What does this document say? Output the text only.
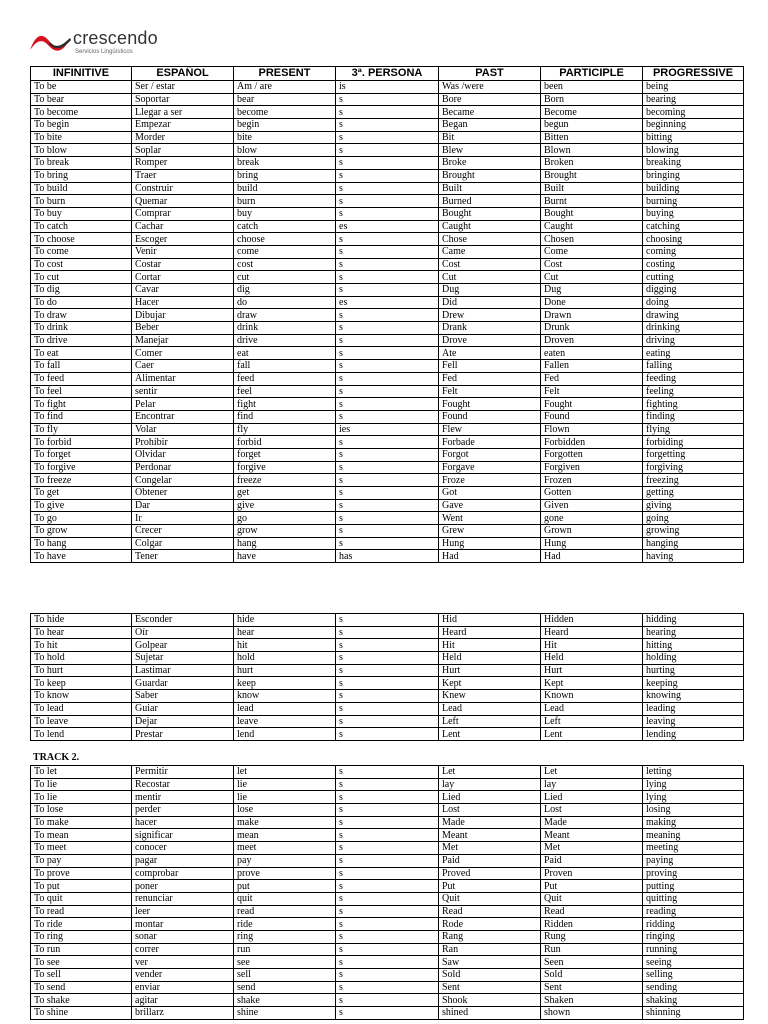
crescendo
Servicios Lingüísticos
INFINITIVE	ESPAÑOL	PRESENT	3ª. PERSONA	PAST	PARTICIPLE	PROGRESSIVE
To be	Ser / estar	Am / are	is	Was /were	been	being
To bear	Soportar	bear	s	Bore	Born	bearing
To become	Llegar a ser	become	s	Became	Become	becoming
To begin	Empezar	begin	s	Began	begun	beginning
To bite	Morder	bite	s	Bit	Bitten	bitting
To blow	Soplar	blow	s	Blew	Blown	blowing
To break	Romper	break	s	Broke	Broken	breaking
To bring	Traer	bring	s	Brought	Brought	bringing
To build	Construir	build	s	Built	Built	building
To burn	Quemar	burn	s	Burned	Burnt	burning
To buy	Comprar	buy	s	Bought	Bought	buying
To catch	Cachar	catch	es	Caught	Caught	catching
To choose	Escoger	choose	s	Chose	Chosen	choosing
To come	Venir	come	s	Came	Come	coming
To cost	Costar	cost	s	Cost	Cost	costing
To cut	Cortar	cut	s	Cut	Cut	cutting
To dig	Cavar	dig	s	Dug	Dug	digging
To do	Hacer	do	es	Did	Done	doing
To draw	Dibujar	draw	s	Drew	Drawn	drawing
To drink	Beber	drink	s	Drank	Drunk	drinking
To drive	Manejar	drive	s	Drove	Droven	driving
To eat	Comer	eat	s	Ate	eaten	eating
To fall	Caer	fall	s	Fell	Fallen	falling
To feed	Alimentar	feed	s	Fed	Fed	feeding
To feel	sentir	feel	s	Felt	Felt	feeling
To fight	Pelar	fight	s	Fought	Fought	fighting
To find	Encontrar	find	s	Found	Found	finding
To fly	Volar	fly	ies	Flew	Flown	flying
To forbid	Prohibir	forbid	s	Forbade	Forbidden	forbiding
To forget	Olvidar	forget	s	Forgot	Forgotten	forgetting
To forgive	Perdonar	forgive	s	Forgave	Forgiven	forgiving
To freeze	Congelar	freeze	s	Froze	Frozen	freezing
To get	Obtener	get	s	Got	Gotten	getting
To give	Dar	give	s	Gave	Given	giving
To go	Ir	go	s	Went	gone	going
To grow	Crecer	grow	s	Grew	Grown	growing
To hang	Colgar	hang	s	Hung	Hung	hanging
To have	Tener	have	has	Had	Had	having
To hide	Esconder	hide	s	Hid	Hidden	hidding
To hear	Oír	hear	s	Heard	Heard	hearing
To hit	Golpear	hit	s	Hit	Hit	hitting
To hold	Sujetar	hold	s	Held	Held	holding
To hurt	Lastimar	hurt	s	Hurt	Hurt	hurting
To keep	Guardar	keep	s	Kept	Kept	keeping
To know	Saber	know	s	Knew	Known	knowing
To lead	Guiar	lead	s	Lead	Lead	leading
To leave	Dejar	leave	s	Left	Left	leaving
To lend	Prestar	lend	s	Lent	Lent	lending
TRACK 2.
To let	Permitir	let	s	Let	Let	letting
To lie	Recostar	lie	s	lay	lay	lying
To lie	mentir	lie	s	Lied	Lied	lying
To lose	perder	lose	s	Lost	Lost	losing
To make	hacer	make	s	Made	Made	making
To mean	significar	mean	s	Meant	Meant	meaning
To meet	conocer	meet	s	Met	Met	meeting
To pay	pagar	pay	s	Paid	Paid	paying
To prove	comprobar	prove	s	Proved	Proven	proving
To put	poner	put	s	Put	Put	putting
To quit	renunciar	quit	s	Quit	Quit	quitting
To read	leer	read	s	Read	Read	reading
To ride	montar	ride	s	Rode	Ridden	ridding
To ring	sonar	ring	s	Rang	Rung	ringing
To run	correr	run	s	Ran	Run	running
To see	ver	see	s	Saw	Seen	seeing
To sell	vender	sell	s	Sold	Sold	selling
To send	enviar	send	s	Sent	Sent	sending
To shake	agitar	shake	s	Shook	Shaken	shaking
To shine	brillarz	shine	s	shined	shown	shinning
